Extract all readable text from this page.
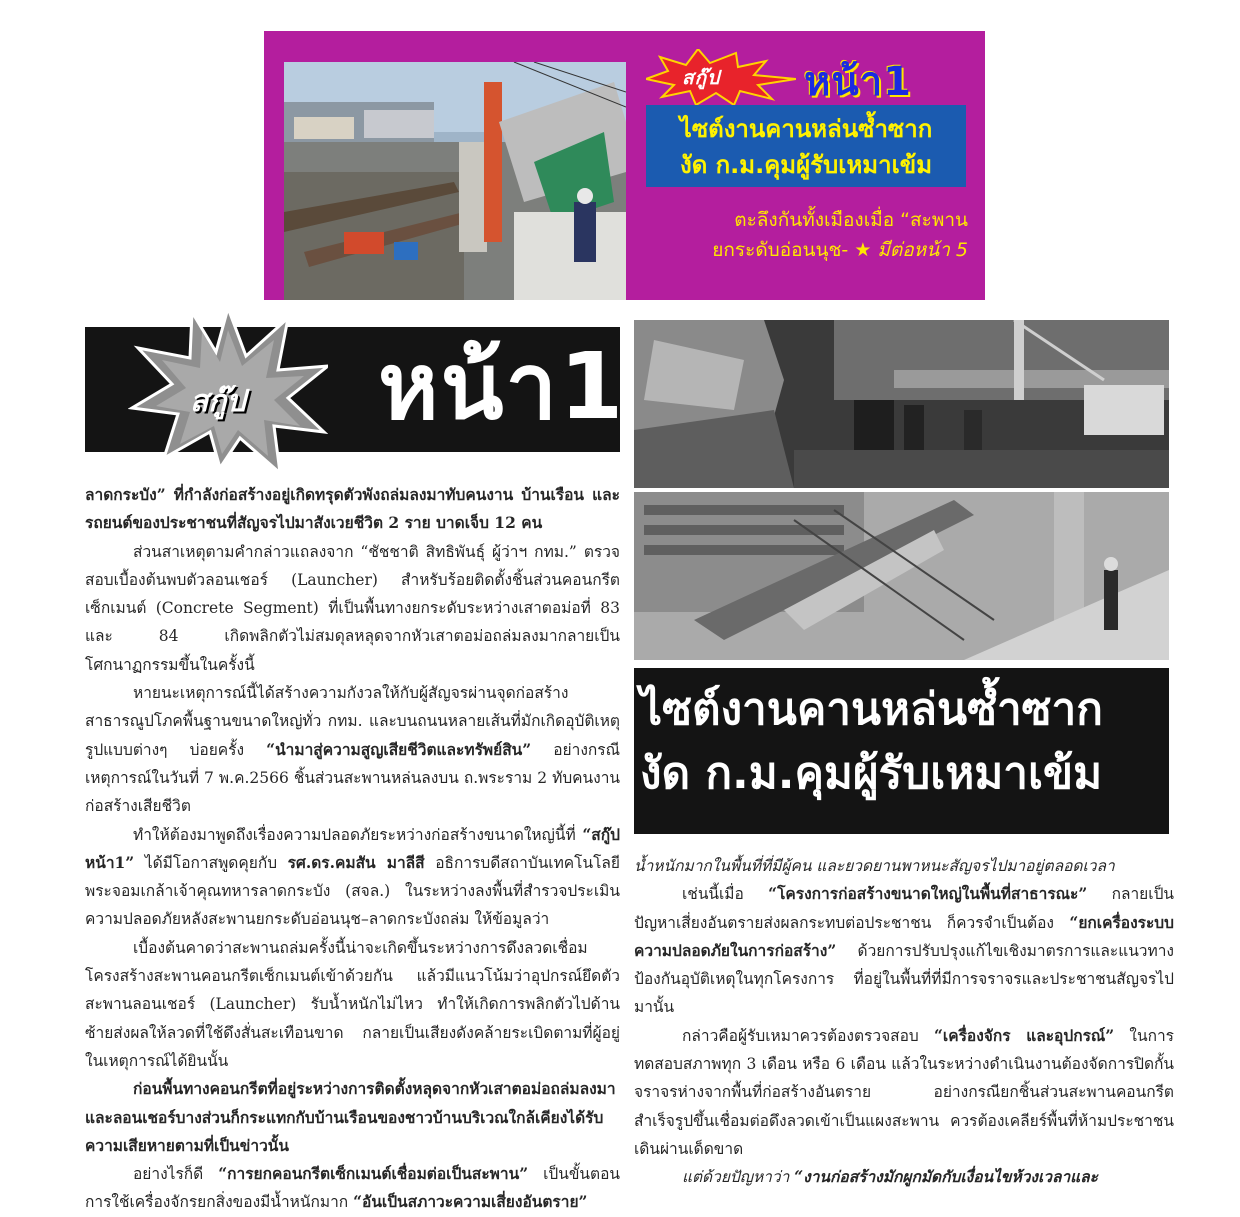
สกู๊ป หน้า1
ไซต์งานคานหล่นซ้ำซาก
งัด ก.ม.คุมผู้รับเหมาเข้ม
ตะลึงกันทั้งเมืองเมื่อ “สะพาน
ยกระดับอ่อนนุช- ★ มีต่อหน้า 5
สกู๊ป หน้า1

ลาดกระบัง” ที่กำลังก่อสร้างอยู่เกิดทรุดตัวพังถล่มลงมาทับคนงาน บ้านเรือน และรถยนต์ของประชาชนที่สัญจรไปมาสังเวยชีวิต 2 ราย บาดเจ็บ 12 คน

ส่วนสาเหตุตามคำกล่าวแถลงจาก “ชัชชาติ สิทธิพันธุ์ ผู้ว่าฯ กทม.” ตรวจสอบเบื้องต้นพบตัวลอนเชอร์ (Launcher) สำหรับร้อยติดตั้งชิ้นส่วนคอนกรีตเซ็กเมนต์ (Concrete Segment) ที่เป็นพื้นทางยกระดับระหว่างเสาตอม่อที่ 83 และ 84 เกิดพลิกตัวไม่สมดุลหลุดจากหัวเสาตอม่อถล่มลงมากลายเป็นโศกนาฏกรรมขึ้นในครั้งนี้

หายนะเหตุการณ์นี้ได้สร้างความกังวลให้กับผู้สัญจรผ่านจุดก่อสร้างสาธารณูปโภคพื้นฐานขนาดใหญ่ทั่ว กทม. และบนถนนหลายเส้นที่มักเกิดอุบัติเหตุรูปแบบต่างๆ บ่อยครั้ง “นำมาสู่ความสูญเสียชีวิตและทรัพย์สิน” อย่างกรณีเหตุการณ์ในวันที่ 7 พ.ค.2566 ชิ้นส่วนสะพานหล่นลงบน ถ.พระราม 2 ทับคนงานก่อสร้างเสียชีวิต

ทำให้ต้องมาพูดถึงเรื่องความปลอดภัยระหว่างก่อสร้างขนาดใหญ่นี้ที่ “สกู๊ปหน้า1” ได้มีโอกาสพูดคุยกับ รศ.ดร.คมสัน มาลีสี อธิการบดีสถาบันเทคโนโลยีพระจอมเกล้าเจ้าคุณทหารลาดกระบัง (สจล.) ในระหว่างลงพื้นที่สำรวจประเมินความปลอดภัยหลังสะพานยกระดับอ่อนนุช–ลาดกระบังถล่ม ให้ข้อมูลว่า

เบื้องต้นคาดว่าสะพานถล่มครั้งนี้น่าจะเกิดขึ้นระหว่างการดึงลวดเชื่อมโครงสร้างสะพานคอนกรีตเซ็กเมนต์เข้าด้วยกัน แล้วมีแนวโน้มว่าอุปกรณ์ยึดตัวสะพานลอนเชอร์ (Launcher) รับน้ำหนักไม่ไหว ทำให้เกิดการพลิกตัวไปด้านซ้ายส่งผลให้ลวดที่ใช้ดึงสั่นสะเทือนขาด กลายเป็นเสียงดังคล้ายระเบิดตามที่ผู้อยู่ในเหตุการณ์ได้ยินนั้น

ก่อนพื้นทางคอนกรีตที่อยู่ระหว่างการติดตั้งหลุดจากหัวเสาตอม่อถล่มลงมาและลอนเชอร์บางส่วนก็กระแทกกับบ้านเรือนของชาวบ้านบริเวณใกล้เคียงได้รับความเสียหายตามที่เป็นข่าวนั้น

อย่างไรก็ดี “การยกคอนกรีตเซ็กเมนต์เชื่อมต่อเป็นสะพาน” เป็นขั้นตอนการใช้เครื่องจักรยกสิ่งของมีน้ำหนักมาก “อันเป็นสภาวะความเสี่ยงอันตราย”

ไซต์งานคานหล่นซ้ำซาก
งัด ก.ม.คุมผู้รับเหมาเข้ม

น้ำหนักมากในพื้นที่ที่มีผู้คน และยวดยานพาหนะสัญจรไปมาอยู่ตลอดเวลา

เช่นนี้เมื่อ “โครงการก่อสร้างขนาดใหญ่ในพื้นที่สาธารณะ” กลายเป็นปัญหาเสี่ยงอันตรายส่งผลกระทบต่อประชาชน ก็ควรจำเป็นต้อง “ยกเครื่องระบบความปลอดภัยในการก่อสร้าง” ด้วยการปรับปรุงแก้ไขเชิงมาตรการและแนวทางป้องกันอุบัติเหตุในทุกโครงการ ที่อยู่ในพื้นที่ที่มีการจราจรและประชาชนสัญจรไปมานั้น

กล่าวคือผู้รับเหมาควรต้องตรวจสอบ “เครื่องจักร และอุปกรณ์” ในการทดสอบสภาพทุก 3 เดือน หรือ 6 เดือน แล้วในระหว่างดำเนินงานต้องจัดการปิดกั้นจราจรห่างจากพื้นที่ก่อสร้างอันตราย อย่างกรณียกชิ้นส่วนสะพานคอนกรีตสำเร็จรูปขึ้นเชื่อมต่อดึงลวดเข้าเป็นแผงสะพาน ควรต้องเคลียร์พื้นที่ห้ามประชาชนเดินผ่านเด็ดขาด

แต่ด้วยปัญหาว่า “งานก่อสร้างมักผูกมัดกับเงื่อนไขห้วงเวลาและ
